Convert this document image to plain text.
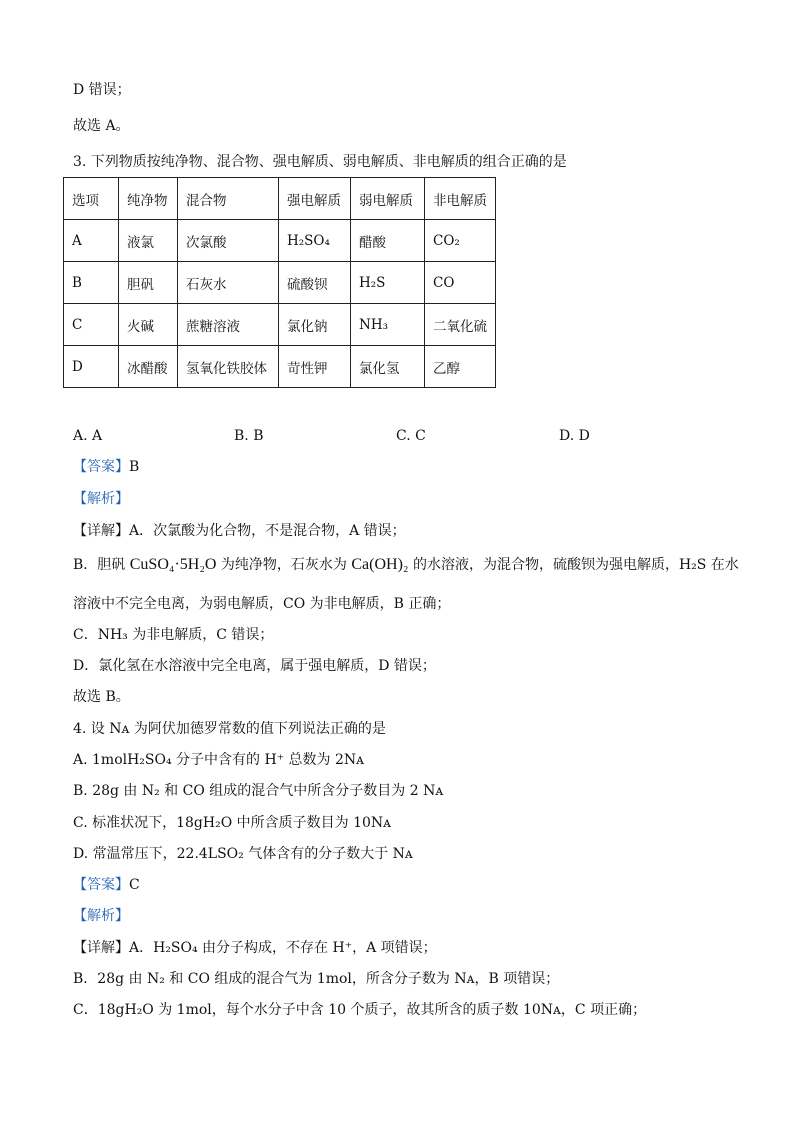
D 错误；
故选 A。
3. 下列物质按纯净物、混合物、强电解质、弱电解质、非电解质的组合正确的是
选项	纯净物	混合物	强电解质	弱电解质	非电解质
A	液氯	次氯酸	H₂SO₄	醋酸	CO₂
B	胆矾	石灰水	硫酸钡	H₂S	CO
C	火碱	蔗糖溶液	氯化钠	NH₃	二氧化硫
D	冰醋酸	氢氧化铁胶体	苛性钾	氯化氢	乙醇
A. A	B. B	C. C	D. D
【答案】B
【解析】
【详解】A．次氯酸为化合物，不是混合物，A 错误；
B．胆矾 CuSO₄·5H₂O 为纯净物，石灰水为 Ca(OH)₂ 的水溶液，为混合物，硫酸钡为强电解质，H₂S 在水
溶液中不完全电离，为弱电解质，CO 为非电解质，B 正确；
C．NH₃ 为非电解质，C 错误；
D．氯化氢在水溶液中完全电离，属于强电解质，D 错误；
故选 B。
4. 设 Nᴀ 为阿伏加德罗常数的值下列说法正确的是
A. 1molH₂SO₄ 分子中含有的 H⁺ 总数为 2Nᴀ
B. 28g 由 N₂ 和 CO 组成的混合气中所含分子数目为 2 Nᴀ
C. 标准状况下，18gH₂O 中所含质子数目为 10Nᴀ
D. 常温常压下，22.4LSO₂ 气体含有的分子数大于 Nᴀ
【答案】C
【解析】
【详解】A．H₂SO₄ 由分子构成，不存在 H⁺，A 项错误；
B．28g 由 N₂ 和 CO 组成的混合气为 1mol，所含分子数为 Nᴀ，B 项错误；
C．18gH₂O 为 1mol，每个水分子中含 10 个质子，故其所含的质子数 10Nᴀ，C 项正确；
